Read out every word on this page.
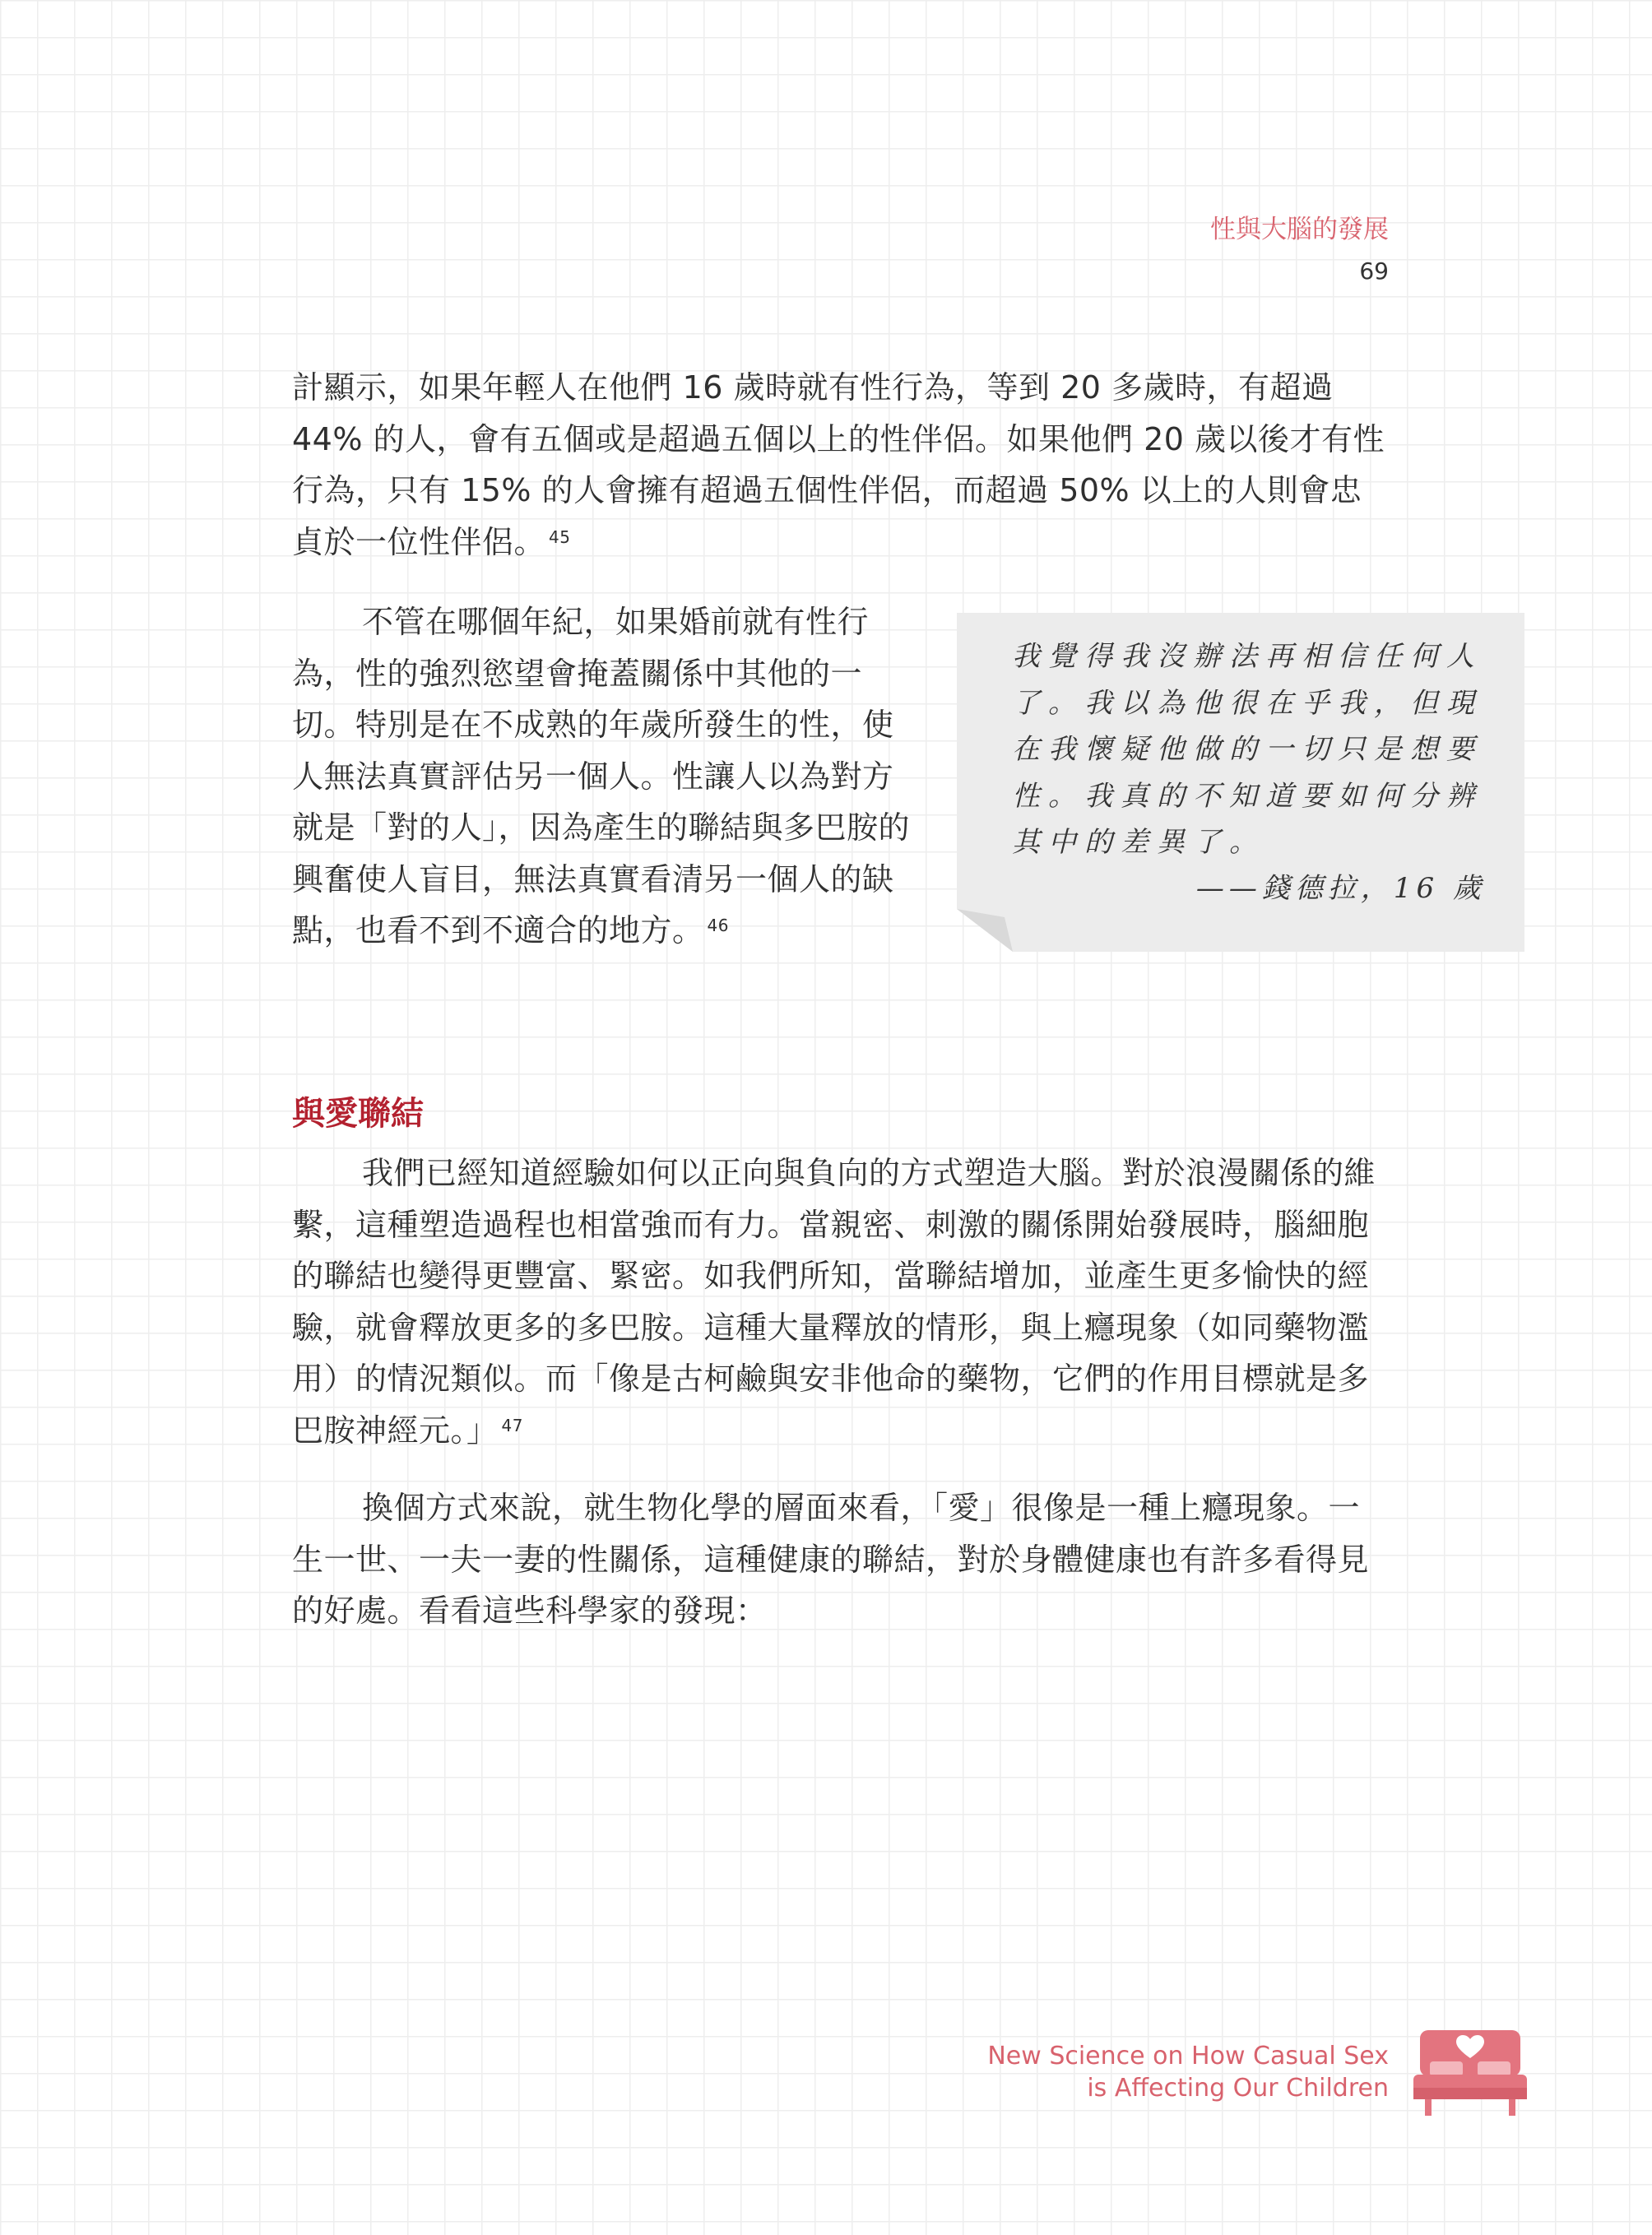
性與大腦的發展
69

計顯示，如果年輕人在他們 16 歲時就有性行為，等到 20 多歲時，有超過 44% 的人，會有五個或是超過五個以上的性伴侶。如果他們 20 歲以後才有性行為，只有 15% 的人會擁有超過五個性伴侶，而超過 50% 以上的人則會忠貞於一位性伴侶。 $^{45}$

不管在哪個年紀，如果婚前就有性行為，性的強烈慾望會掩蓋關係中其他的一切。特別是在不成熟的年歲所發生的性，使人無法真實評估另一個人。性讓人以為對方就是「對的人」，因為產生的聯結與多巴胺的興奮使人盲目，無法真實看清另一個人的缺點，也看不到不適合的地方。 $^{46}$

我覺得我沒辦法再相信任何人了。我以為他很在乎我，但現在我懷疑他做的一切只是想要性。我真的不知道要如何分辨其中的差異了。

——錢德拉，16 歲
與愛聯結

我們已經知道經驗如何以正向與負向的方式塑造大腦。對於浪漫關係的維繫，這種塑造過程也相當強而有力。當親密、刺激的關係開始發展時，腦細胞的聯結也變得更豐富、緊密。如我們所知，當聯結增加，並產生更多愉快的經驗，就會釋放更多的多巴胺。這種大量釋放的情形，與上癮現象（如同藥物濫用）的情況類似。而「像是古柯鹼與安非他命的藥物，它們的作用目標就是多巴胺神經元。」 $^{47}$

換個方式來說，就生物化學的層面來看，「愛」很像是一種上癮現象。一生一世、一夫一妻的性關係，這種健康的聯結，對於身體健康也有許多看得見的好處。看看這些科學家的發現：

New Science on How Casual Sex
is Affecting Our Children
